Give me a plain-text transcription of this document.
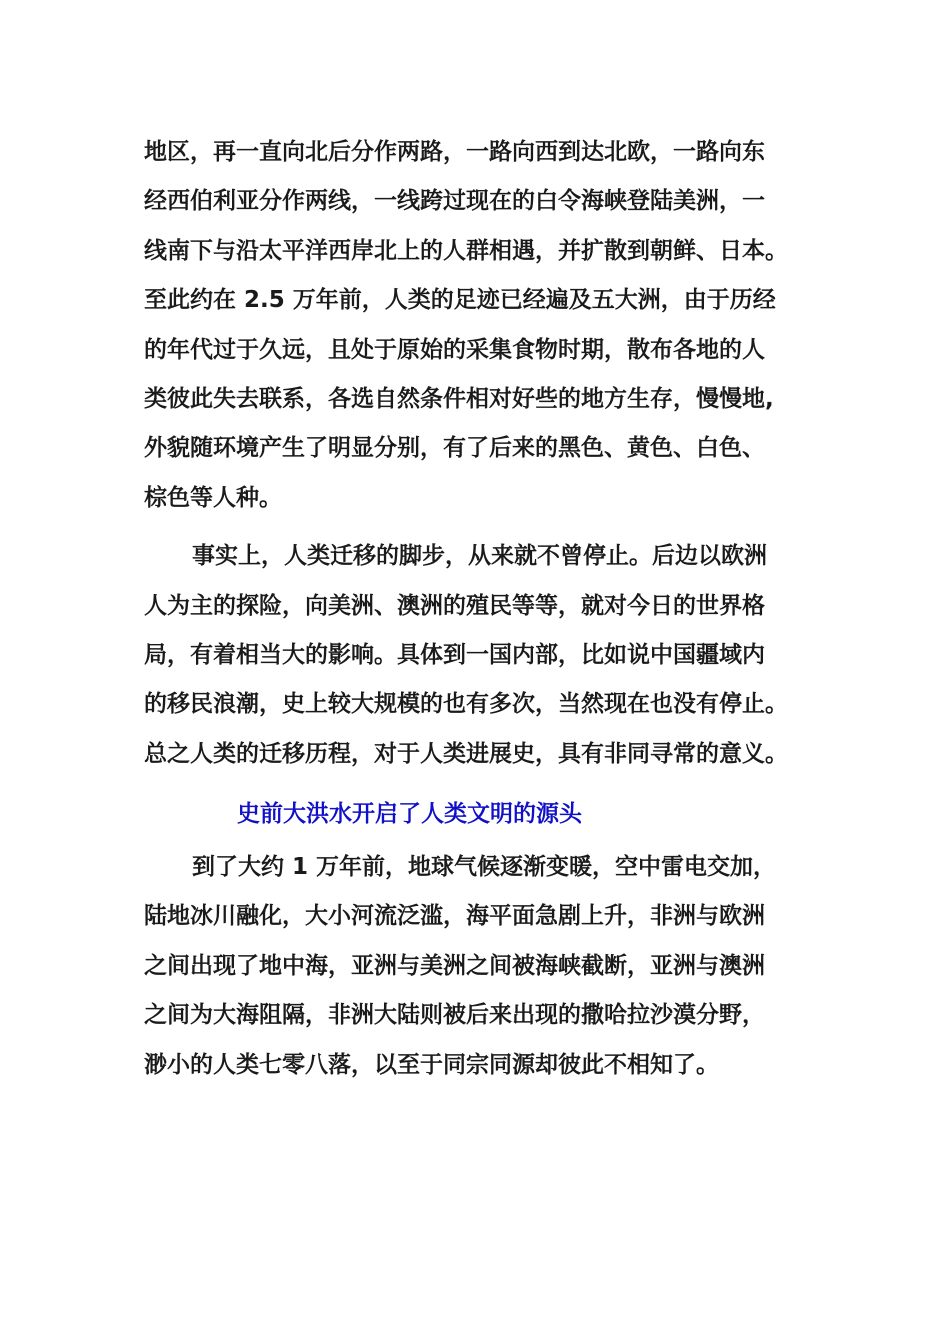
地区，再一直向北后分作两路，一路向西到达北欧，一路向东
经西伯利亚分作两线，一线跨过现在的白令海峡登陆美洲，一
线南下与沿太平洋西岸北上的人群相遇，并扩散到朝鲜、日本。
至此约在 2.5 万年前，人类的足迹已经遍及五大洲，由于历经
的年代过于久远，且处于原始的采集食物时期，散布各地的人
类彼此失去联系，各选自然条件相对好些的地方生存，慢慢地,
外貌随环境产生了明显分别，有了后来的黑色、黄色、白色、
棕色等人种。
事实上，人类迁移的脚步，从来就不曾停止。后边以欧洲
人为主的探险，向美洲、澳洲的殖民等等，就对今日的世界格
局，有着相当大的影响。具体到一国内部，比如说中国疆域内
的移民浪潮，史上较大规模的也有多次，当然现在也没有停止。
总之人类的迁移历程，对于人类进展史，具有非同寻常的意义。
史前大洪水开启了人类文明的源头
到了大约 1 万年前，地球气候逐渐变暖，空中雷电交加，
陆地冰川融化，大小河流泛滥，海平面急剧上升，非洲与欧洲
之间出现了地中海，亚洲与美洲之间被海峡截断，亚洲与澳洲
之间为大海阻隔，非洲大陆则被后来出现的撒哈拉沙漠分野，
渺小的人类七零八落，以至于同宗同源却彼此不相知了。
